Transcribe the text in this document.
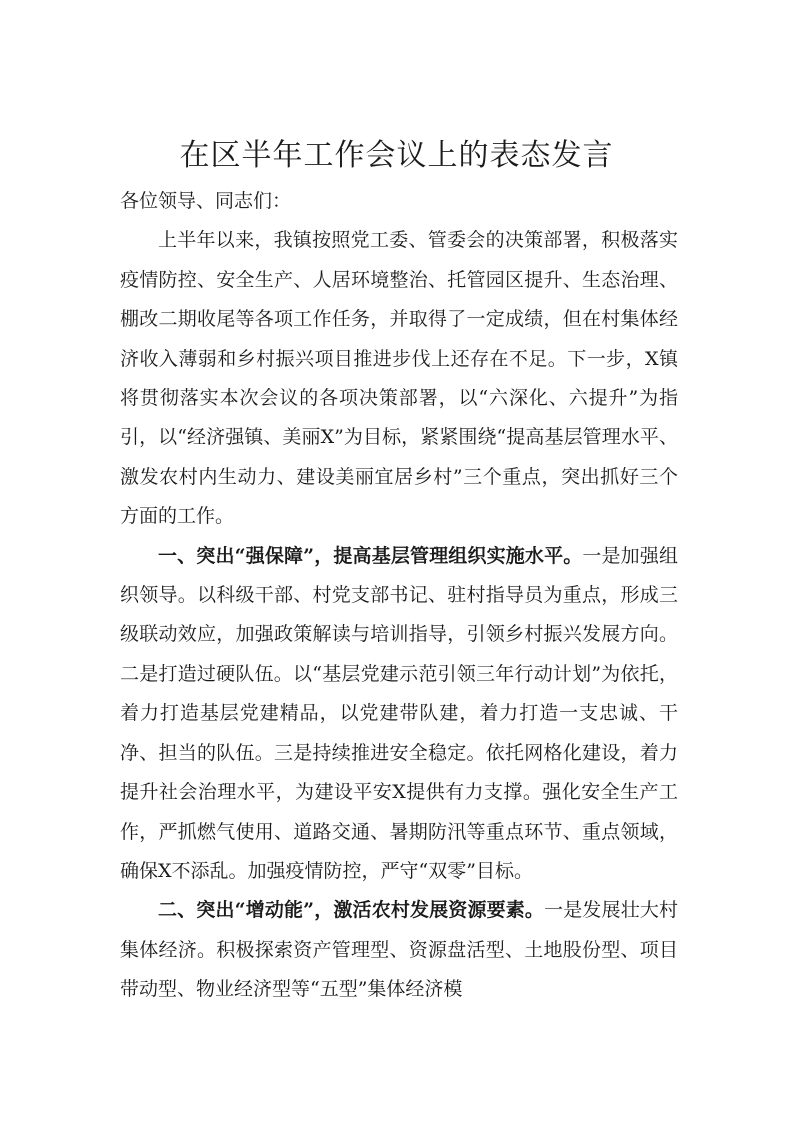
在区半年工作会议上的表态发言

各位领导、同志们：

上半年以来，我镇按照党工委、管委会的决策部署，积极落实疫情防控、安全生产、人居环境整治、托管园区提升、生态治理、棚改二期收尾等各项工作任务，并取得了一定成绩，但在村集体经济收入薄弱和乡村振兴项目推进步伐上还存在不足。下一步，X镇将贯彻落实本次会议的各项决策部署，以“六深化、六提升”为指引，以“经济强镇、美丽X”为目标，紧紧围绕“提高基层管理水平、激发农村内生动力、建设美丽宜居乡村”三个重点，突出抓好三个方面的工作。

一、突出“强保障”，提高基层管理组织实施水平。一是加强组织领导。以科级干部、村党支部书记、驻村指导员为重点，形成三级联动效应，加强政策解读与培训指导，引领乡村振兴发展方向。二是打造过硬队伍。以“基层党建示范引领三年行动计划”为依托，着力打造基层党建精品，以党建带队建，着力打造一支忠诚、干净、担当的队伍。三是持续推进安全稳定。依托网格化建设，着力提升社会治理水平，为建设平安X提供有力支撑。强化安全生产工作，严抓燃气使用、道路交通、暑期防汛等重点环节、重点领域，确保X不添乱。加强疫情防控，严守“双零”目标。

二、突出“增动能”，激活农村发展资源要素。一是发展壮大村集体经济。积极探索资产管理型、资源盘活型、土地股份型、项目带动型、物业经济型等“五型”集体经济模
